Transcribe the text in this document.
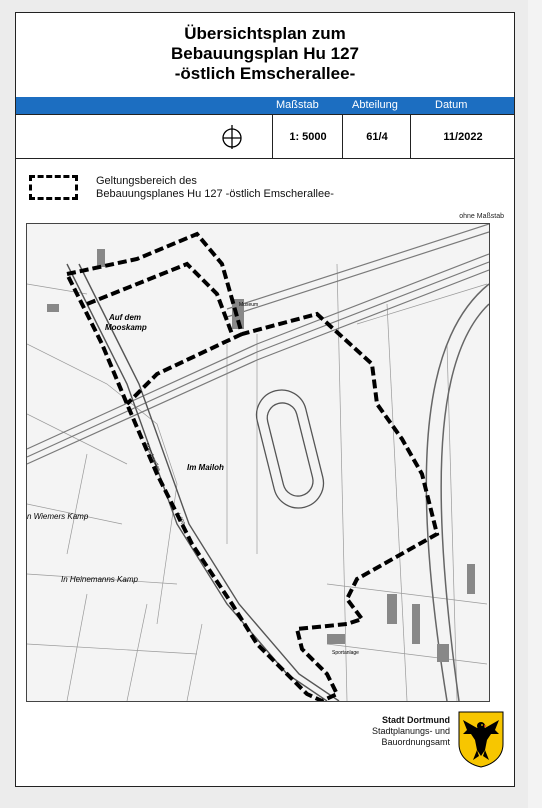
Übersichtsplan zum
Bebauungsplan Hu 127
-östlich Emscherallee-
Maßstab	Abteilung	Datum
1: 5000	61/4	11/2022
Geltungsbereich des
Bebauungsplanes Hu 127 -östlich Emscherallee-
ohne Maßstab
Auf dem
Mooskamp
Im Mailoh
n Wiemers Kamp
In Heinemanns Kamp
Museum
Sportanlage
Emscherallee
L 609
Stadt Dortmund
Stadtplanungs- und
Bauordnungsamt
